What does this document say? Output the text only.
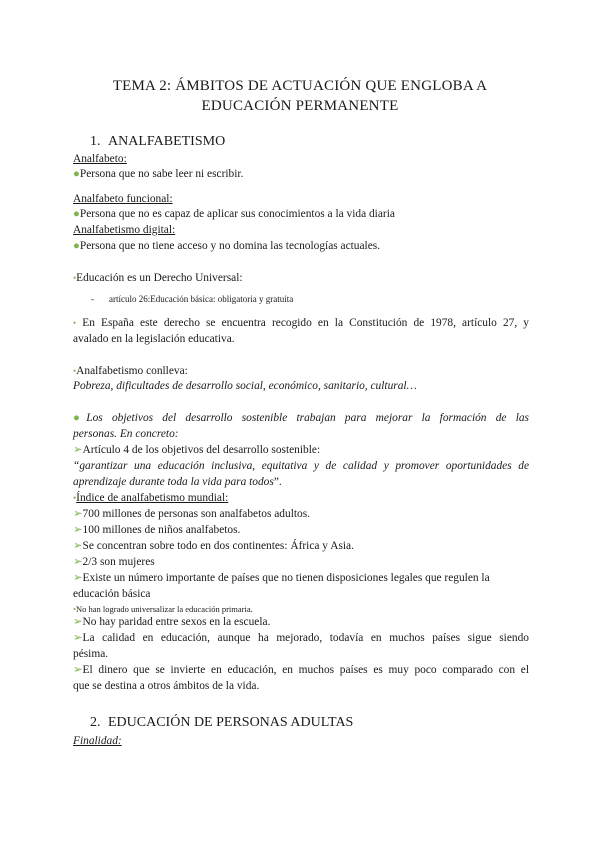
TEMA 2: ÁMBITOS DE ACTUACIÓN QUE ENGLOBA A
EDUCACIÓN PERMANENTE
1. ANALFABETISMO
Analfabeto:
●Persona que no sabe leer ni escribir.
Analfabeto funcional:
●Persona que no es capaz de aplicar sus conocimientos a la vida diaria
Analfabetismo digital:
●Persona que no tiene acceso y no domina las tecnologías actuales.
•Educación es un Derecho Universal:
- artículo 26:Educación básica: obligatoria y gratuita
• En España este derecho se encuentra recogido en la Constitución de 1978, artículo 27, y
avalado en la legislación educativa.
•Analfabetismo conlleva:
Pobreza, dificultades de desarrollo social, económico, sanitario, cultural…
●Los objetivos del desarrollo sostenible trabajan para mejorar la formación de las
personas. En concreto:
➢Artículo 4 de los objetivos del desarrollo sostenible:
“garantizar una educación inclusiva, equitativa y de calidad y promover oportunidades de
aprendizaje durante toda la vida para todos”.
•Índice de analfabetismo mundial:
➢700 millones de personas son analfabetos adultos.
➢100 millones de niños analfabetos.
➢Se concentran sobre todo en dos continentes: África y Asia.
➢2/3 son mujeres
➢Existe un número importante de países que no tienen disposiciones legales que regulen la
educación básica
•No han logrado universalizar la educación primaria.
➢No hay paridad entre sexos en la escuela.
➢La calidad en educación, aunque ha mejorado, todavía en muchos países sigue siendo
pésima.
➢El dinero que se invierte en educación, en muchos países es muy poco comparado con el
que se destina a otros ámbitos de la vida.
2. EDUCACIÓN DE PERSONAS ADULTAS
Finalidad:
